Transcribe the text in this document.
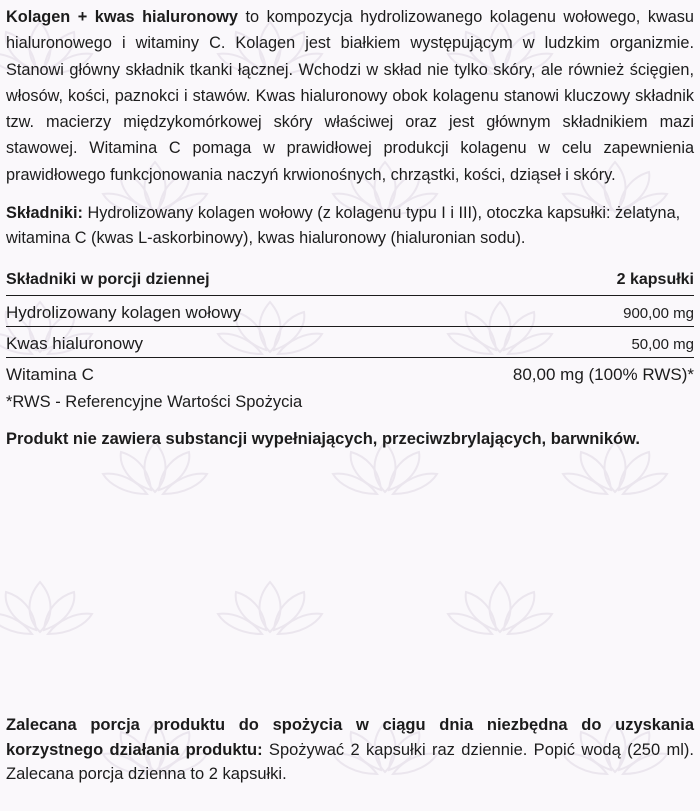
Kolagen + kwas hialuronowy to kompozycja hydrolizowanego kolagenu wołowego, kwasu hialuronowego i witaminy C. Kolagen jest białkiem występującym w ludzkim organizmie. Stanowi główny składnik tkanki łącznej. Wchodzi w skład nie tylko skóry, ale również ścięgien, włosów, kości, paznokci i stawów. Kwas hialuronowy obok kolagenu stanowi kluczowy składnik tzw. macierzy międzykomórkowej skóry właściwej oraz jest głównym składnikiem mazi stawowej. Witamina C pomaga w prawidłowej produkcji kolagenu w celu zapewnienia prawidłowego funkcjonowania naczyń krwionośnych, chrząstki, kości, dziąseł i skóry.

Składniki: Hydrolizowany kolagen wołowy (z kolagenu typu I i III), otoczka kapsułki: żelatyna, witamina C (kwas L-askorbinowy), kwas hialuronowy (hialuronian sodu).

Składniki w porcji dziennej	2 kapsułki
Hydrolizowany kolagen wołowy	900,00 mg
Kwas hialuronowy	50,00 mg
Witamina C	80,00 mg (100% RWS)*

*RWS - Referencyjne Wartości Spożycia

Produkt nie zawiera substancji wypełniających, przeciwzbrylających, barwników.

Zalecana porcja produktu do spożycia w ciągu dnia niezbędna do uzyskania korzystnego działania produktu: Spożywać 2 kapsułki raz dziennie. Popić wodą (250 ml). Zalecana porcja dzienna to 2 kapsułki.
